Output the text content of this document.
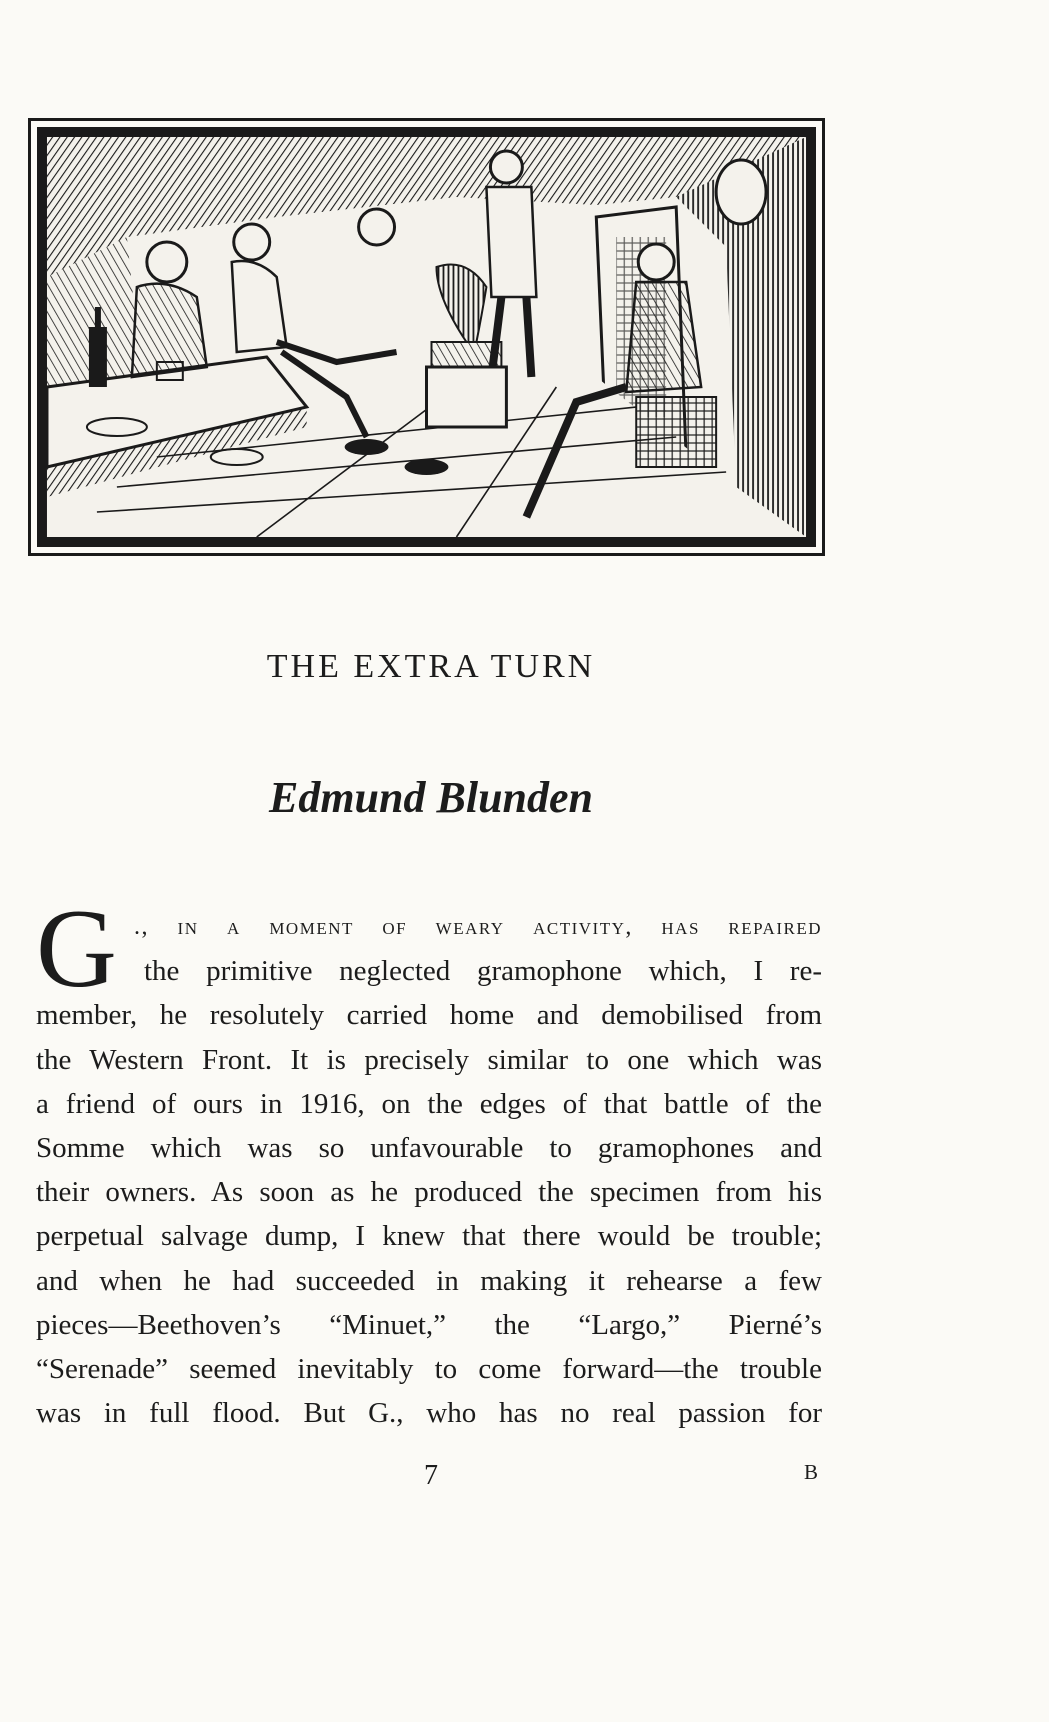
THE EXTRA TURN
Edmund Blunden
G ., in a moment of weary activity, has repaired
the primitive neglected gramophone which, I re-
member, he resolutely carried home and demobilised from
the Western Front. It is precisely similar to one which was
a friend of ours in 1916, on the edges of that battle of the
Somme which was so unfavourable to gramophones and
their owners. As soon as he produced the specimen from his
perpetual salvage dump, I knew that there would be trouble;
and when he had succeeded in making it rehearse a few
pieces—Beethoven’s “Minuet,” the “Largo,” Pierné’s
“Serenade” seemed inevitably to come forward—the trouble
was in full flood. But G., who has no real passion for
7	B
